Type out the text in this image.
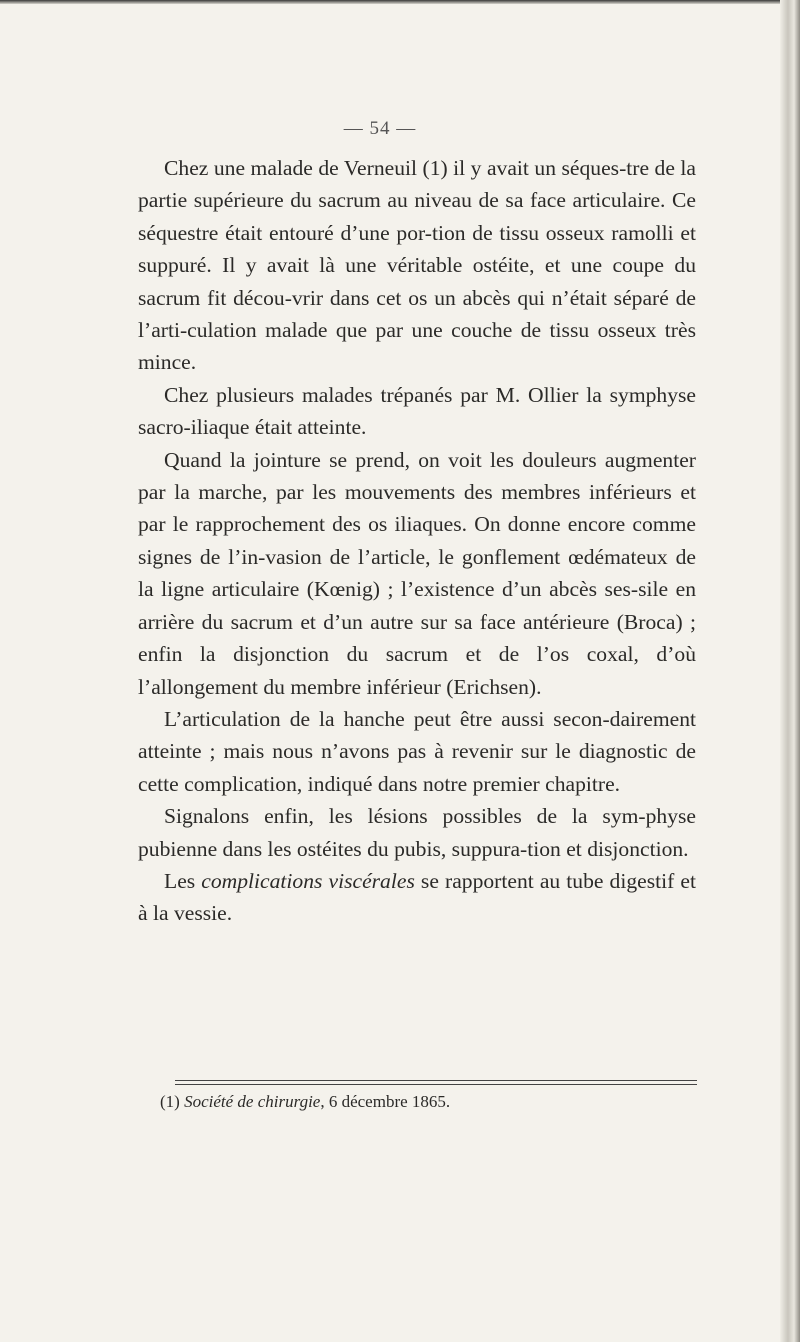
— 54 —

Chez une malade de Verneuil (1) il y avait un séques-tre de la partie supérieure du sacrum au niveau de sa face articulaire. Ce séquestre était entouré d’une por-tion de tissu osseux ramolli et suppuré. Il y avait là une véritable ostéite, et une coupe du sacrum fit décou-vrir dans cet os un abcès qui n’était séparé de l’arti-culation malade que par une couche de tissu osseux très mince.

Chez plusieurs malades trépanés par M. Ollier la symphyse sacro-iliaque était atteinte.

Quand la jointure se prend, on voit les douleurs augmenter par la marche, par les mouvements des membres inférieurs et par le rapprochement des os iliaques. On donne encore comme signes de l’in-vasion de l’article, le gonflement œdémateux de la ligne articulaire (Kœnig) ; l’existence d’un abcès ses-sile en arrière du sacrum et d’un autre sur sa face antérieure (Broca) ; enfin la disjonction du sacrum et de l’os coxal, d’où l’allongement du membre inférieur (Erichsen).

L’articulation de la hanche peut être aussi secon-dairement atteinte ; mais nous n’avons pas à revenir sur le diagnostic de cette complication, indiqué dans notre premier chapitre.

Signalons enfin, les lésions possibles de la sym-physe pubienne dans les ostéites du pubis, suppura-tion et disjonction.

Les complications viscérales se rapportent au tube digestif et à la vessie.

(1) Société de chirurgie, 6 décembre 1865.
